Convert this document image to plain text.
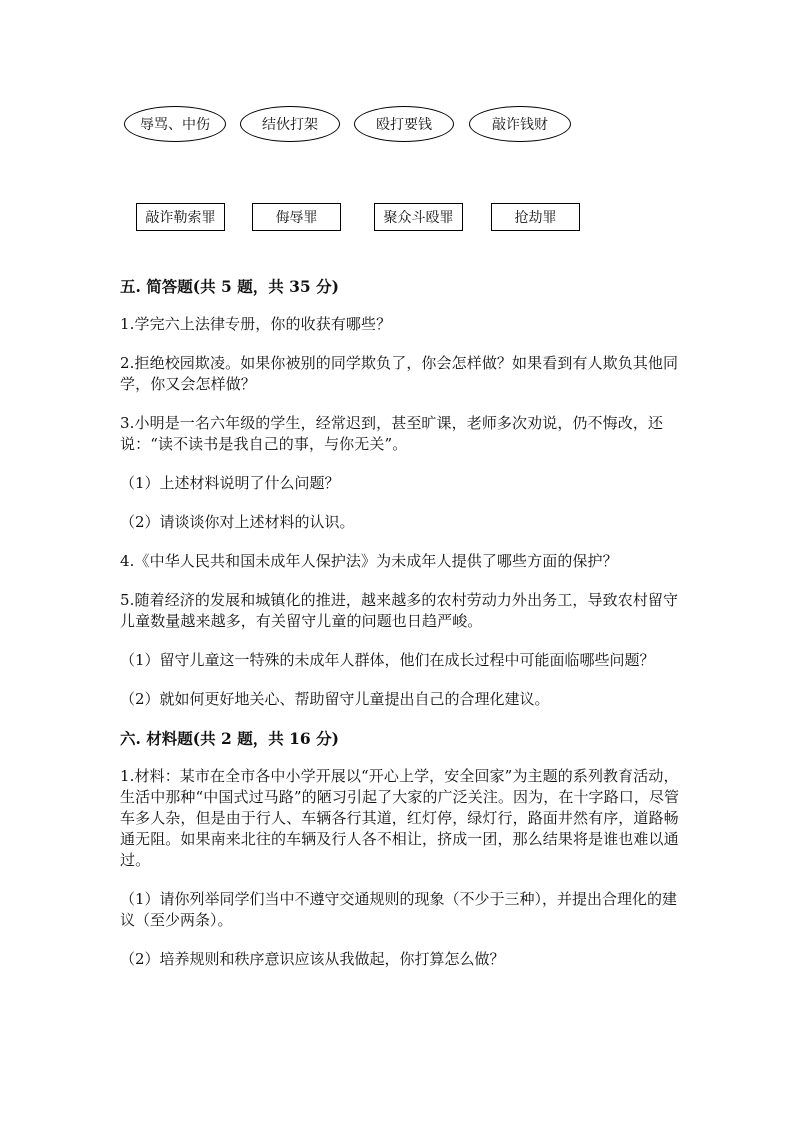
辱骂、中伤	结伙打架	殴打要钱	敲诈钱财
敲诈勒索罪	侮辱罪	聚众斗殴罪	抢劫罪
五. 简答题(共 5 题，共 35 分)
1.学完六上法律专册，你的收获有哪些？
2.拒绝校园欺凌。如果你被别的同学欺负了，你会怎样做？如果看到有人欺负其他同学，你又会怎样做？
3.小明是一名六年级的学生，经常迟到，甚至旷课，老师多次劝说，仍不悔改，还说：“读不读书是我自己的事，与你无关”。
（1）上述材料说明了什么问题？
（2）请谈谈你对上述材料的认识。
4.《中华人民共和国未成年人保护法》为未成年人提供了哪些方面的保护？
5.随着经济的发展和城镇化的推进，越来越多的农村劳动力外出务工，导致农村留守儿童数量越来越多，有关留守儿童的问题也日趋严峻。
（1）留守儿童这一特殊的未成年人群体，他们在成长过程中可能面临哪些问题？
（2）就如何更好地关心、帮助留守儿童提出自己的合理化建议。
六. 材料题(共 2 题，共 16 分)
1.材料：某市在全市各中小学开展以“开心上学，安全回家”为主题的系列教育活动，生活中那种“中国式过马路”的陋习引起了大家的广泛关注。因为，在十字路口，尽管车多人杂，但是由于行人、车辆各行其道，红灯停，绿灯行，路面井然有序，道路畅通无阻。如果南来北往的车辆及行人各不相让，挤成一团，那么结果将是谁也难以通过。
（1）请你列举同学们当中不遵守交通规则的现象（不少于三种），并提出合理化的建议（至少两条）。
（2）培养规则和秩序意识应该从我做起，你打算怎么做？
